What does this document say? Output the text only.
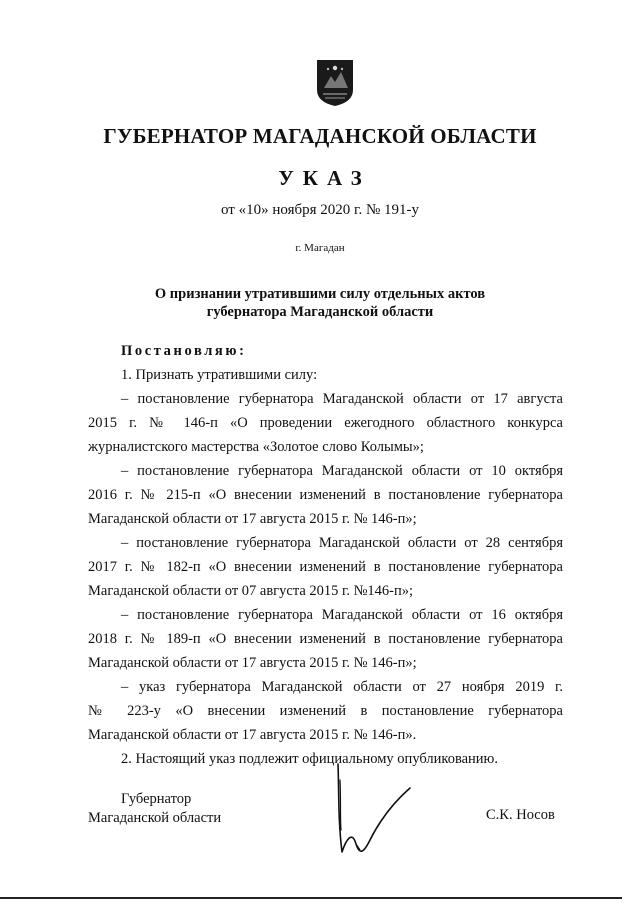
ГУБЕРНАТОР МАГАДАНСКОЙ ОБЛАСТИ
УКАЗ
от «10» ноября 2020 г. № 191-у
г. Магадан
О признании утратившими силу отдельных актов
губернатора Магаданской области
Постановляю:
1. Признать утратившими силу:
– постановление губернатора Магаданской области от 17 августа
2015 г. № 146-п «О проведении ежегодного областного конкурса
журналистского мастерства «Золотое слово Колымы»;
– постановление губернатора Магаданской области от 10 октября
2016 г. № 215-п «О внесении изменений в постановление губернатора
Магаданской области от 17 августа 2015 г. № 146-п»;
– постановление губернатора Магаданской области от 28 сентября
2017 г. № 182-п «О внесении изменений в постановление губернатора
Магаданской области от 07 августа 2015 г. №146-п»;
– постановление губернатора Магаданской области от 16 октября
2018 г. № 189-п «О внесении изменений в постановление губернатора
Магаданской области от 17 августа 2015 г. № 146-п»;
– указ губернатора Магаданской области от 27 ноября 2019 г.
№ 223-у «О внесении изменений в постановление губернатора
Магаданской области от 17 августа 2015 г. № 146-п».
2. Настоящий указ подлежит официальному опубликованию.
Губернатор
Магаданской области	С.К. Носов
